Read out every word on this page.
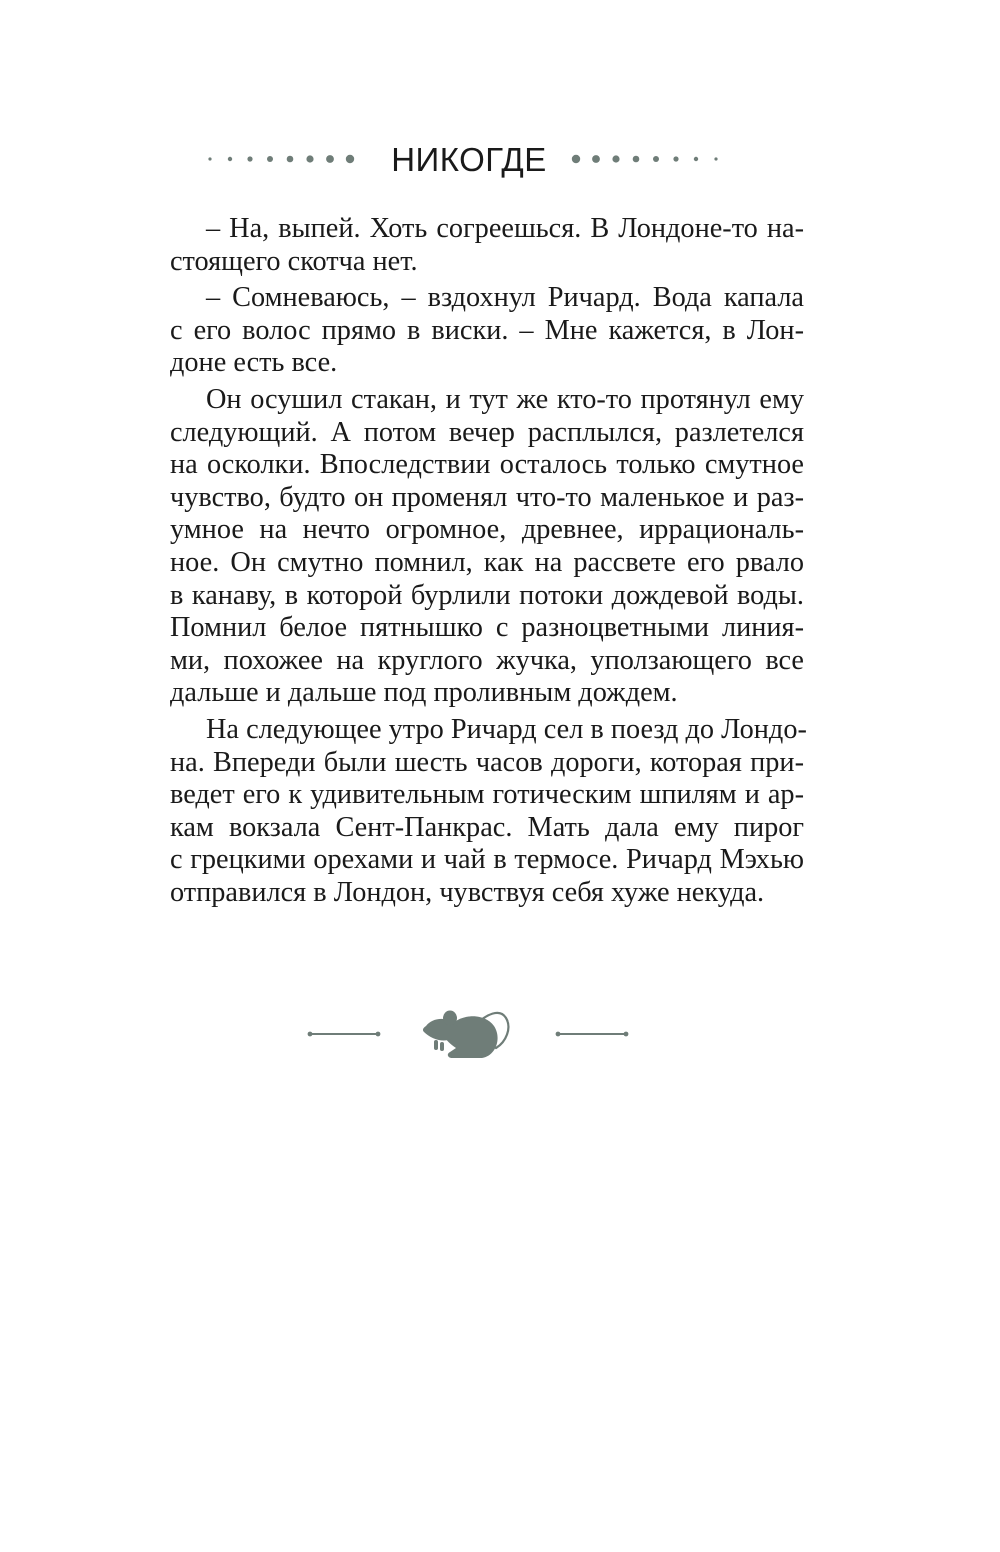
НИКОГДЕ
– На, выпей. Хоть согреешься. В Лондоне-то на-
стоящего скотча нет.
– Сомневаюсь, – вздохнул Ричард. Вода капала
с его волос прямо в виски. – Мне кажется, в Лон-
доне есть все.
Он осушил стакан, и тут же кто-то протянул ему
следующий. А потом вечер расплылся, разлетелся
на осколки. Впоследствии осталось только смутное
чувство, будто он променял что-то маленькое и раз-
умное на нечто огромное, древнее, иррациональ-
ное. Он смутно помнил, как на рассвете его рвало
в канаву, в которой бурлили потоки дождевой воды.
Помнил белое пятнышко с разноцветными линия-
ми, похожее на круглого жучка, уползающего все
дальше и дальше под проливным дождем.
На следующее утро Ричард сел в поезд до Лондо-
на. Впереди были шесть часов дороги, которая при-
ведет его к удивительным готическим шпилям и ар-
кам вокзала Сент-Панкрас. Мать дала ему пирог
с грецкими орехами и чай в термосе. Ричард Мэхью
отправился в Лондон, чувствуя себя хуже некуда.
